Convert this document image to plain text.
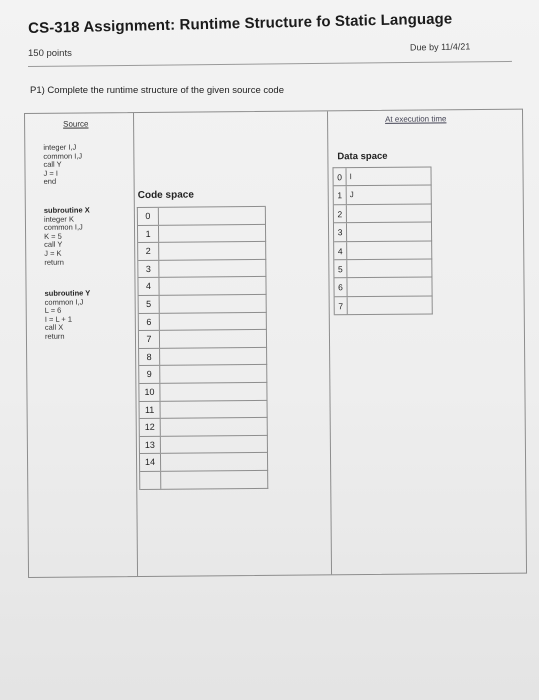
CS-318 Assignment: Runtime Structure fo Static Language
150 points
Due by 11/4/21
P1) Complete the runtime structure of the given source code
Source
At execution time
integer I,J
common I,J
call Y
J = I
end
subroutine X
integer K
common I,J
K = 5
call Y
J = K
return
subroutine Y
common I,J
L = 6
I = L + 1
call X
return
Code space
0
1
2
3
4
5
6
7
8
9
10
11
12
13
14
Data space
0 I
1 J
2
3
4
5
6
7
